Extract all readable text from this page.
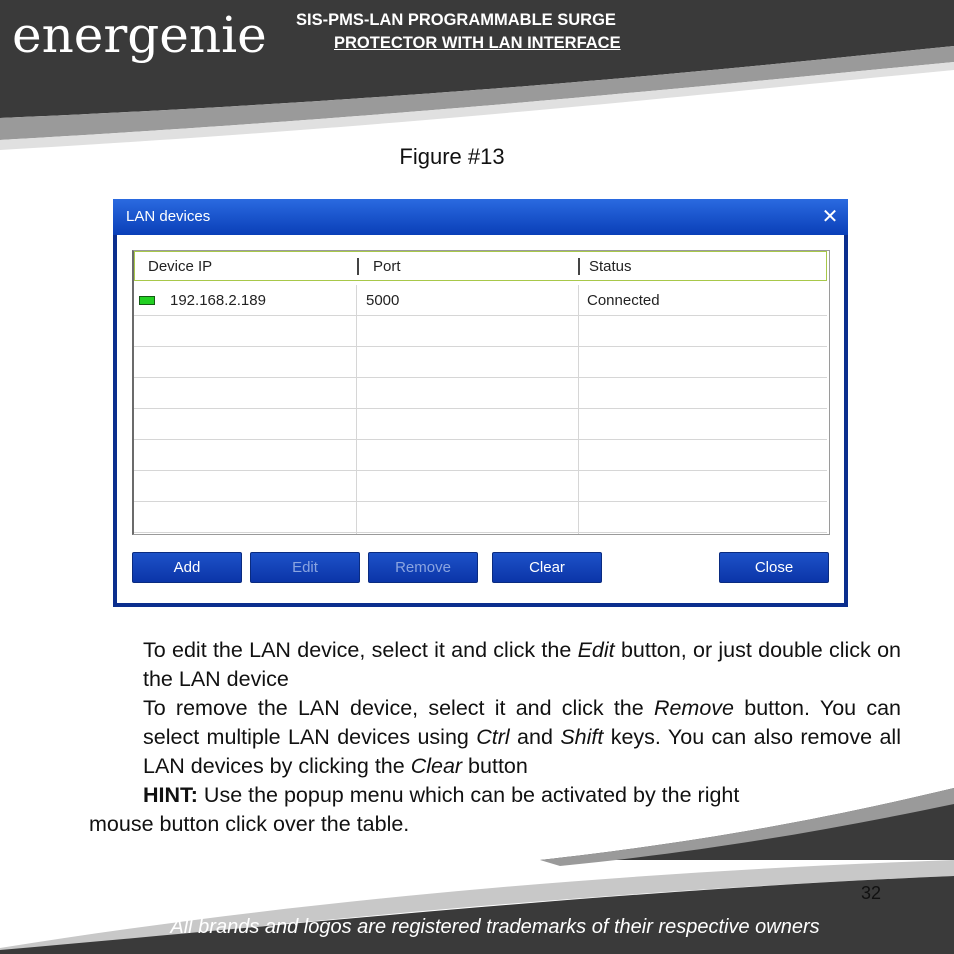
energenie	SIS-PMS-LAN PROGRAMMABLE SURGE
PROTECTOR WITH LAN INTERFACE
Figure #13
LAN devices	✕
Device IP	Port	Status
192.168.2.189	5000	Connected
Add	Edit	Remove	Clear	Close
To edit the LAN device, select it and click the Edit button, or just double click on the LAN device
To remove the LAN device, select it and click the Remove button. You can select multiple LAN devices using Ctrl and Shift keys. You can also remove all LAN devices by clicking the Clear button
HINT: Use the popup menu which can be activated by the right
mouse button click over the table.
32
All brands and logos are registered trademarks of their respective owners
